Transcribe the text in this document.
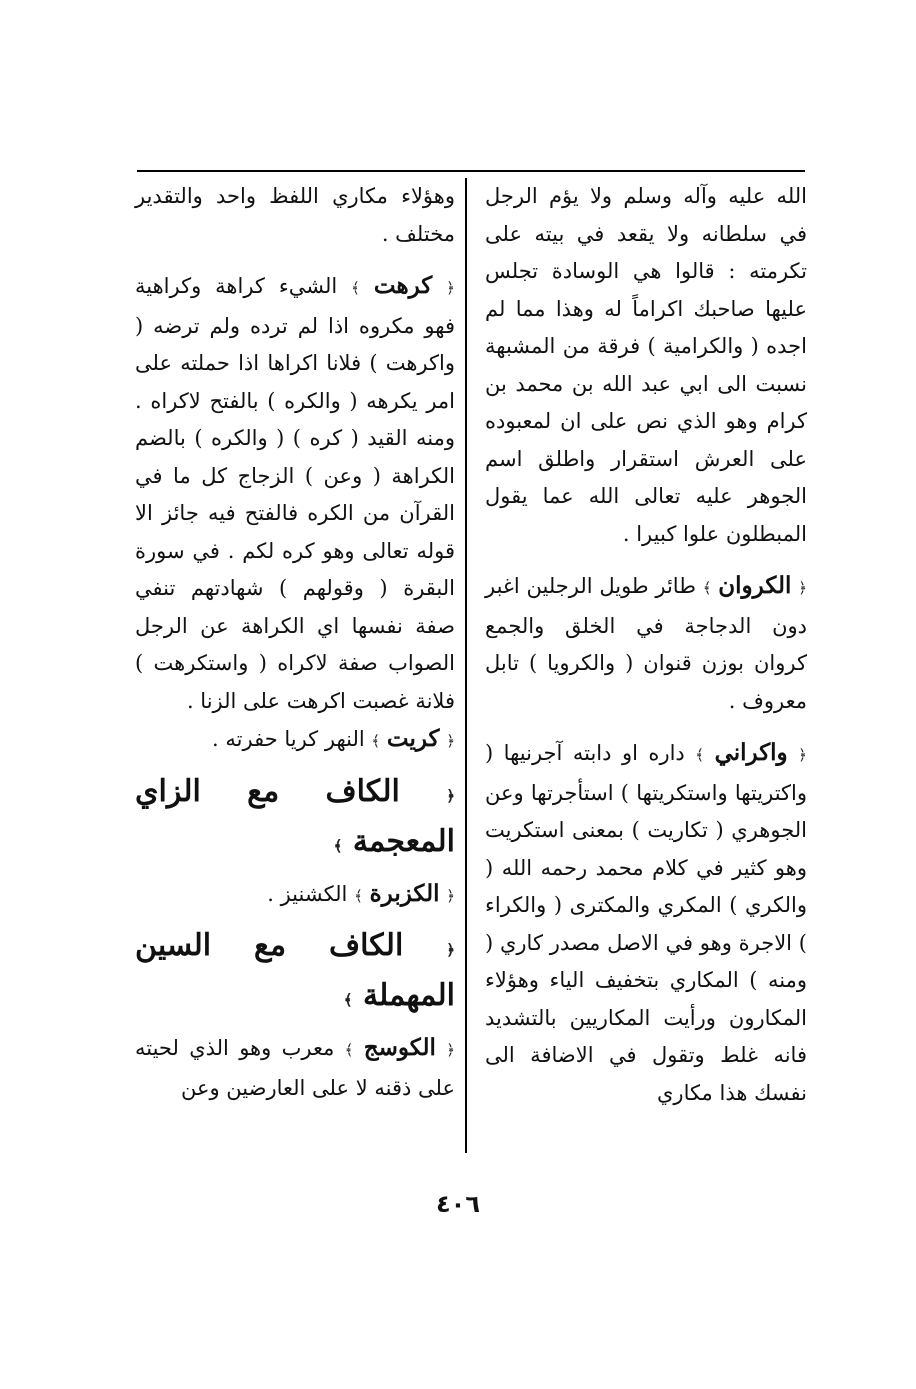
الله عليه وآله وسلم ولا يؤم الرجل في سلطانه ولا يقعد في بيته على تكرمته : قالوا هي الوسادة تجلس عليها صاحبك اكراماً له وهذا مما لم اجده ( والكرامية ) فرقة من المشبهة نسبت الى ابي عبد الله بن محمد بن كرام وهو الذي نص على ان لمعبوده على العرش استقرار واطلق اسم الجوهر عليه تعالى الله عما يقول المبطلون علوا كبيرا .

﴿ الكروان ﴾ طائر طويل الرجلين اغبر دون الدجاجة في الخلق والجمع كروان بوزن قنوان ( والكرويا ) تابل معروف .

﴿ واكراني ﴾ داره او دابته آجرنيها ( واكتريتها واستكريتها ) استأجرتها وعن الجوهري ( تكاريت ) بمعنى استكريت وهو كثير في كلام محمد رحمه الله ( والكري ) المكري والمكترى ( والكراء ) الاجرة وهو في الاصل مصدر كاري ( ومنه ) المكاري بتخفيف الياء وهؤلاء المكارون ورأيت المكاريين بالتشديد فانه غلط وتقول في الاضافة الى نفسك هذا مكاري

وهؤلاء مكاري اللفظ واحد والتقدير مختلف .

﴿ كرهت ﴾ الشيء كراهة وكراهية فهو مكروه اذا لم ترده ولم ترضه ( واكرهت ) فلانا اكراها اذا حملته على امر يكرهه ( والكره ) بالفتح لاكراه . ومنه القيد ( كره ) ( والكره ) بالضم الكراهة ( وعن ) الزجاج كل ما في القرآن من الكره فالفتح فيه جائز الا قوله تعالى وهو كره لكم . في سورة البقرة ( وقولهم ) شهادتهم تنفي صفة نفسها اي الكراهة عن الرجل الصواب صفة لاكراه ( واستكرهت ) فلانة غصبت اكرهت على الزنا .

﴿ كريت ﴾ النهر كريا حفرته .

﴿ الكاف مع الزاي المعجمة ﴾

﴿ الكزبرة ﴾ الكشنيز .

﴿ الكاف مع السين المهملة ﴾

﴿ الكوسج ﴾ معرب وهو الذي لحيته على ذقنه لا على العارضين وعن

٤٠٦
